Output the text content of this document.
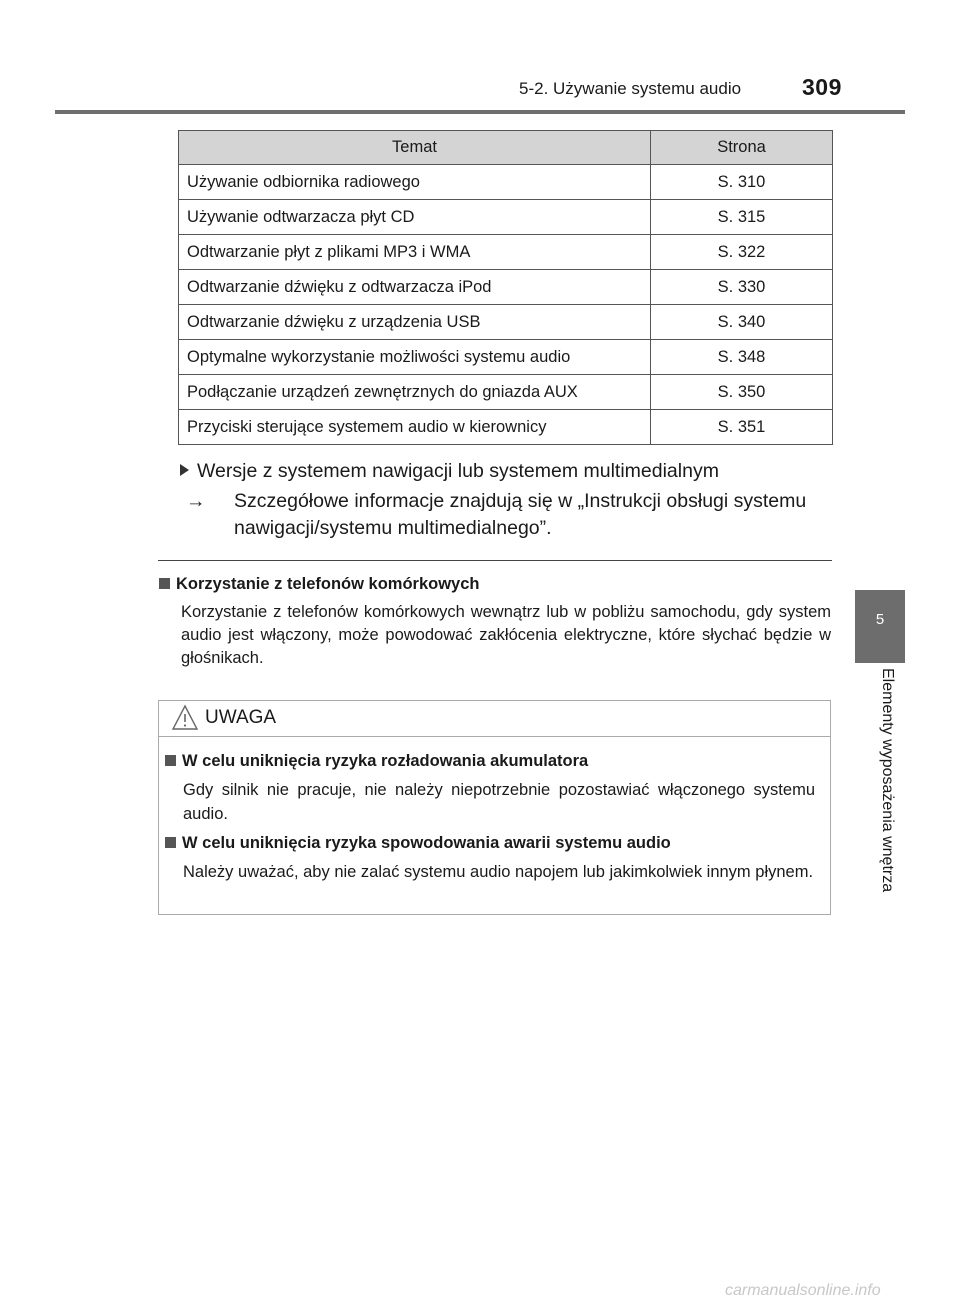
5-2. Używanie systemu audio	309
5
Elementy wyposażenia wnętrza
Temat	Strona
Używanie odbiornika radiowego	S. 310
Używanie odtwarzacza płyt CD	S. 315
Odtwarzanie płyt z plikami MP3 i WMA	S. 322
Odtwarzanie dźwięku z odtwarzacza iPod	S. 330
Odtwarzanie dźwięku z urządzenia USB	S. 340
Optymalne wykorzystanie możliwości systemu audio	S. 348
Podłączanie urządzeń zewnętrznych do gniazda AUX	S. 350
Przyciski sterujące systemem audio w kierownicy	S. 351
Wersje z systemem nawigacji lub systemem multimedialnym
→	Szczegółowe informacje znajdują się w „Instrukcji obsługi systemu nawigacji/systemu multimedialnego”.
Korzystanie z telefonów komórkowych
Korzystanie z telefonów komórkowych wewnątrz lub w pobliżu samochodu, gdy system audio jest włączony, może powodować zakłócenia elektryczne, które słychać będzie w głośnikach.
UWAGA
W celu uniknięcia ryzyka rozładowania akumulatora
Gdy silnik nie pracuje, nie należy niepotrzebnie pozostawiać włączonego systemu audio.
W celu uniknięcia ryzyka spowodowania awarii systemu audio
Należy uważać, aby nie zalać systemu audio napojem lub jakimkolwiek innym płynem.
carmanualsonline.info
